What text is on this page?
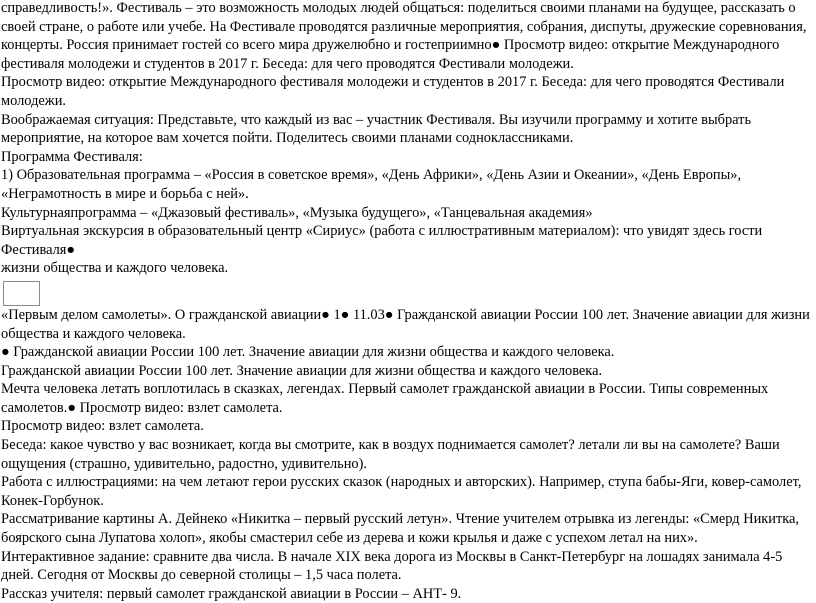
справедливость!». Фестиваль – это возможность молодых людей общаться: поделиться своими планами на будущее, рассказать о своей стране, о работе или учебе. На Фестивале проводятся различные мероприятия, собрания, диспуты, дружеские соревнования, концерты. Россия принимает гостей со всего мира дружелюбно и гостеприимно● Просмотр видео: открытие Международного фестиваля молодежи и студентов в 2017 г. Беседа: для чего проводятся Фестивали молодежи.

Просмотр видео: открытие Международного фестиваля молодежи и студентов в 2017 г. Беседа: для чего проводятся Фестивали молодежи.

Воображаемая ситуация: Представьте, что каждый из вас – участник Фестиваля. Вы изучили программу и хотите выбрать мероприятие, на которое вам хочется пойти. Поделитесь своими планами содноклассниками.

Программа Фестиваля:

1) Образовательная программа – «Россия в советское время», «День Африки», «День Азии и Океании», «День Европы», «Неграмотность в мире и борьба с ней».

Культурнаяпрограмма – «Джазовый фестиваль», «Музыка будущего», «Танцевальная академия»

Виртуальная экскурсия в образовательный центр «Сириус» (работа с иллюстративным материалом): что увидят здесь гости Фестиваля●

жизни общества и каждого человека.

«Первым делом самолеты». О гражданской авиации● 1● 11.03● Гражданской авиации России 100 лет. Значение авиации для жизни общества и каждого человека.

● Гражданской авиации России 100 лет. Значение авиации для жизни общества и каждого человека.

Гражданской авиации России 100 лет. Значение авиации для жизни общества и каждого человека.

Мечта человека летать воплотилась в сказках, легендах. Первый самолет гражданской авиации в России. Типы современных самолетов.● Просмотр видео: взлет самолета.

Просмотр видео: взлет самолета.

Беседа: какое чувство у вас возникает, когда вы смотрите, как в воздух поднимается самолет? летали ли вы на самолете? Ваши ощущения (страшно, удивительно, радостно, удивительно).

Работа с иллюстрациями: на чем летают герои русских сказок (народных и авторских). Например, ступа бабы-Яги, ковер-самолет, Конек-Горбунок.

Рассматривание картины А. Дейнеко «Никитка – первый русский летун». Чтение учителем отрывка из легенды: «Смерд Никитка, боярского сына Лупатова холоп», якобы смастерил себе из дерева и кожи крылья и даже с успехом летал на них».

Интерактивное задание: сравните два числа. В начале XIX века дорога из Москвы в Санкт-Петербург на лошадях занимала 4-5 дней. Сегодня от Москвы до северной столицы – 1,5 часа полета.

Рассказ учителя: первый самолет гражданской авиации в России – АНТ- 9.
